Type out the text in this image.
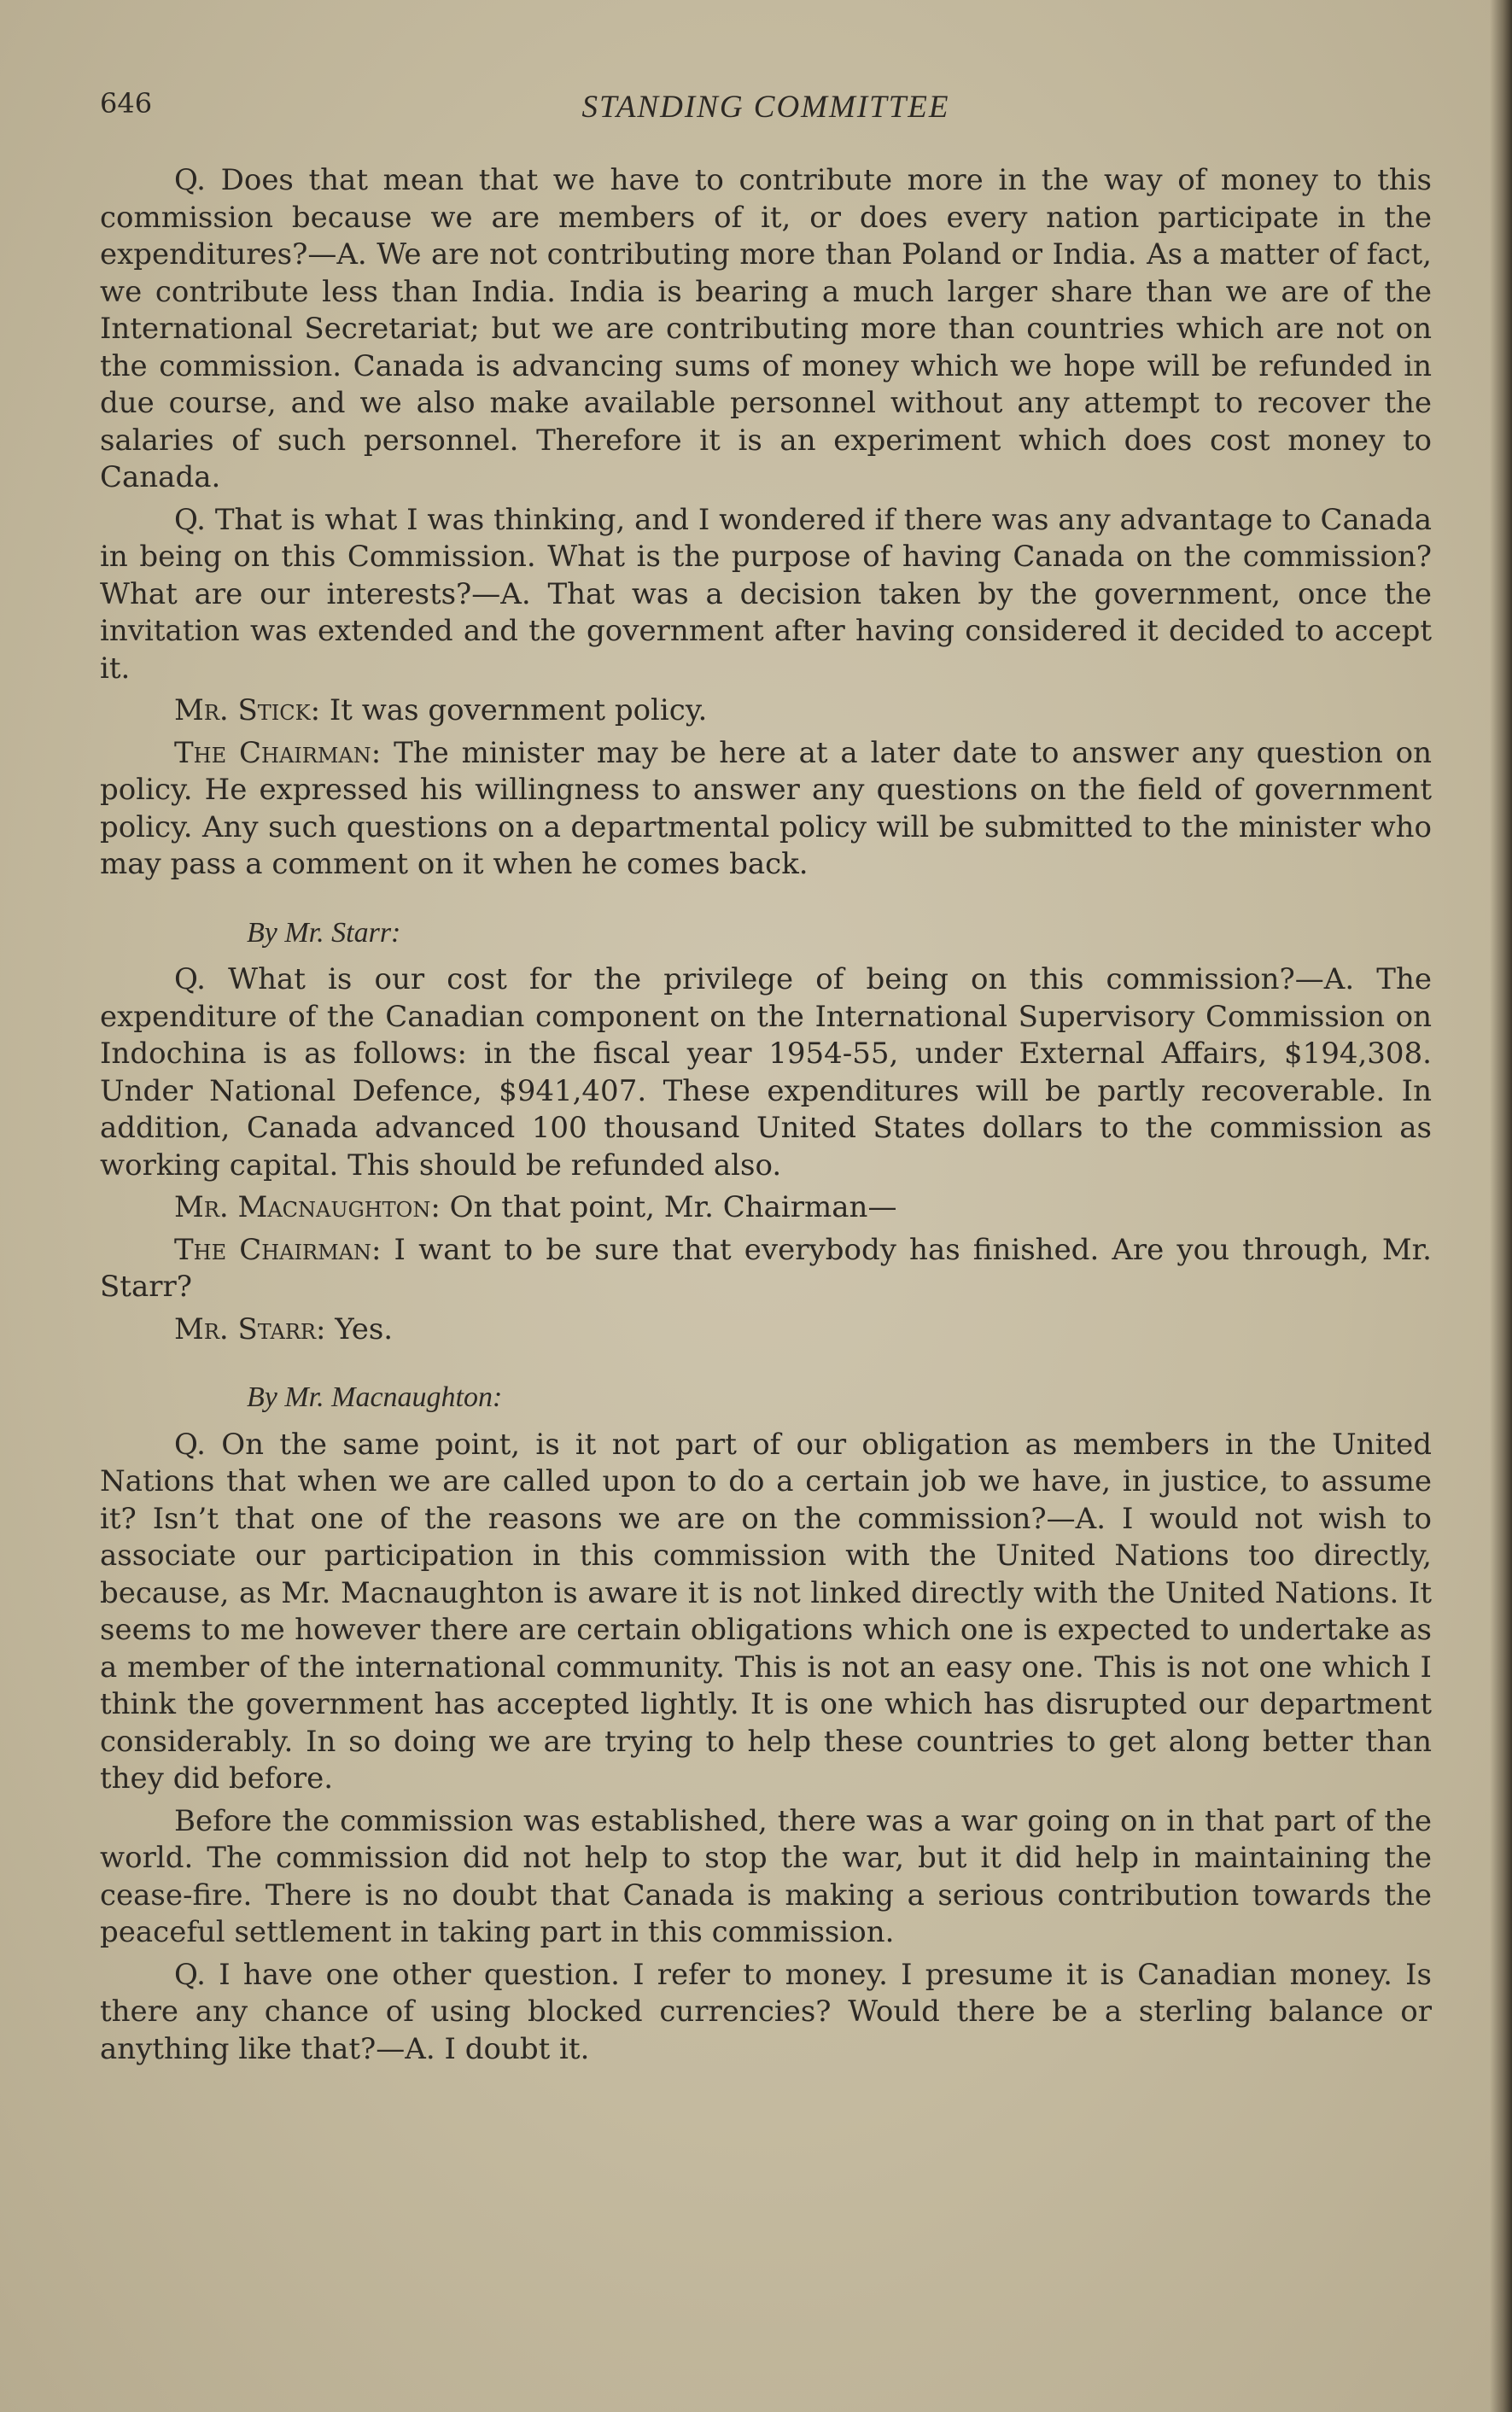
646	STANDING COMMITTEE

Q. Does that mean that we have to contribute more in the way of money to this commission because we are members of it, or does every nation participate in the expenditures?—A. We are not contributing more than Poland or India. As a matter of fact, we contribute less than India. India is bearing a much larger share than we are of the International Secretariat; but we are contributing more than countries which are not on the commission. Canada is advancing sums of money which we hope will be refunded in due course, and we also make available personnel without any attempt to recover the salaries of such personnel. Therefore it is an experiment which does cost money to Canada.

Q. That is what I was thinking, and I wondered if there was any advantage to Canada in being on this Commission. What is the purpose of having Canada on the commission? What are our interests?—A. That was a decision taken by the government, once the invitation was extended and the government after having considered it decided to accept it.

Mr. Stick: It was government policy.

The Chairman: The minister may be here at a later date to answer any question on policy. He expressed his willingness to answer any questions on the field of government policy. Any such questions on a departmental policy will be submitted to the minister who may pass a comment on it when he comes back.

By Mr. Starr:

Q. What is our cost for the privilege of being on this commission?—A. The expenditure of the Canadian component on the International Supervisory Commission on Indochina is as follows: in the fiscal year 1954-55, under External Affairs, $194,308. Under National Defence, $941,407. These expenditures will be partly recoverable. In addition, Canada advanced 100 thousand United States dollars to the commission as working capital. This should be refunded also.

Mr. Macnaughton: On that point, Mr. Chairman—

The Chairman: I want to be sure that everybody has finished. Are you through, Mr. Starr?

Mr. Starr: Yes.

By Mr. Macnaughton:

Q. On the same point, is it not part of our obligation as members in the United Nations that when we are called upon to do a certain job we have, in justice, to assume it? Isn’t that one of the reasons we are on the commission?—A. I would not wish to associate our participation in this commission with the United Nations too directly, because, as Mr. Macnaughton is aware it is not linked directly with the United Nations. It seems to me however there are certain obligations which one is expected to undertake as a member of the international community. This is not an easy one. This is not one which I think the government has accepted lightly. It is one which has disrupted our department considerably. In so doing we are trying to help these countries to get along better than they did before.

Before the commission was established, there was a war going on in that part of the world. The commission did not help to stop the war, but it did help in maintaining the cease-fire. There is no doubt that Canada is making a serious contribution towards the peaceful settlement in taking part in this commission.

Q. I have one other question. I refer to money. I presume it is Canadian money. Is there any chance of using blocked currencies? Would there be a sterling balance or anything like that?—A. I doubt it.
